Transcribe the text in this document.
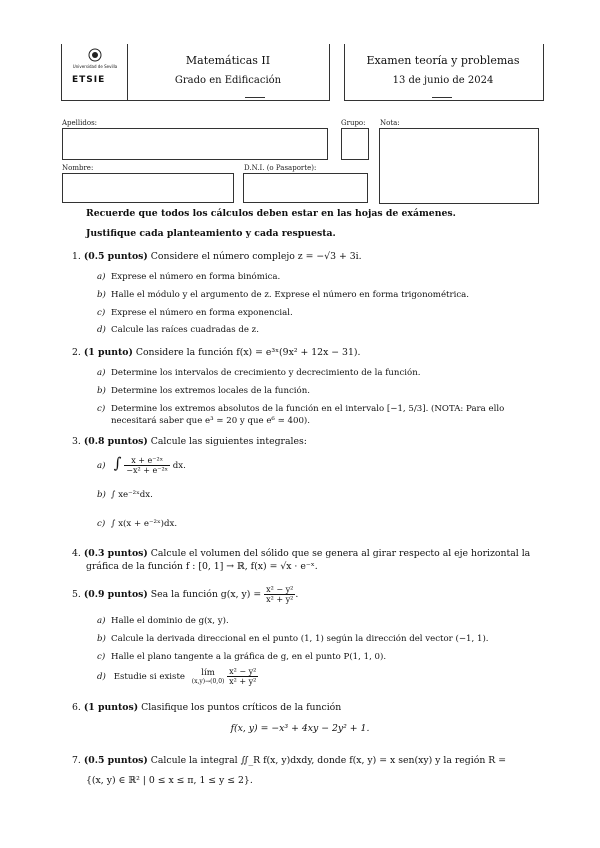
Universidad de Sevilla
ETSIE
Matemáticas II
Grado en Edificación
Examen teoría y problemas
13 de junio de 2024
Apellidos:	Grupo: Nota:
Nombre:	D.N.I. (o Pasaporte):
Recuerde que todos los cálculos deben estar en las hojas de exámenes.
Justifique cada planteamiento y cada respuesta.
1. (0.5 puntos) Considere el número complejo z = −√3 + 3i.
a) Exprese el número en forma binómica.
b) Halle el módulo y el argumento de z. Exprese el número en forma trigonométrica.
c) Exprese el número en forma exponencial.
d) Calcule las raíces cuadradas de z.
2. (1 punto) Considere la función f(x) = e³ˣ(9x² + 12x − 31).
a) Determine los intervalos de crecimiento y decrecimiento de la función.
b) Determine los extremos locales de la función.
c) Determine los extremos absolutos de la función en el intervalo [−1, 5/3]. (NOTA: Para ello
necesitará saber que e³ ≃ 20 y que e⁶ ≃ 400).
3. (0.8 puntos) Calcule las siguientes integrales:
a) ∫ $\frac{\text{x + e⁻²ˣ}}{\text{−x² + e⁻²ˣ}}$ dx.
b) ∫ xe⁻²ˣdx.
c) ∫ x(x + e⁻²ˣ)dx.
4. (0.3 puntos) Calcule el volumen del sólido que se genera al girar respecto al eje horizontal la
gráfica de la función f : [0, 1] → ℝ, f(x) = √x · e⁻ˣ.
5. (0.9 puntos) Sea la función g(x, $y) = \frac{\text{x² − y²}}{\text{x² + y²}}$ .
a) Halle el dominio de g(x, y).
b) Calcule la derivada direccional en el punto (1, 1) según la dirección del vector (−1, 1).
c) Halle el plano tangente a la gráfica de g, en el punto P(1, 1, 0).
d) Estudie si existe	lím
(x,y)→(0,0)
$\frac{\text{x² − y²}}{\text{x² + y²}}$
6. (1 puntos) Clasifique los puntos críticos de la función
f(x, y) = −x³ + 4xy − 2y² + 1.
7. (0.5 puntos) Calcule la integral ∬_R f(x, y)dxdy, donde f(x, y) = x sen(xy) y la región R =
{(x, y) ∈ ℝ² | 0 ≤ x ≤ π, 1 ≤ y ≤ 2}.
